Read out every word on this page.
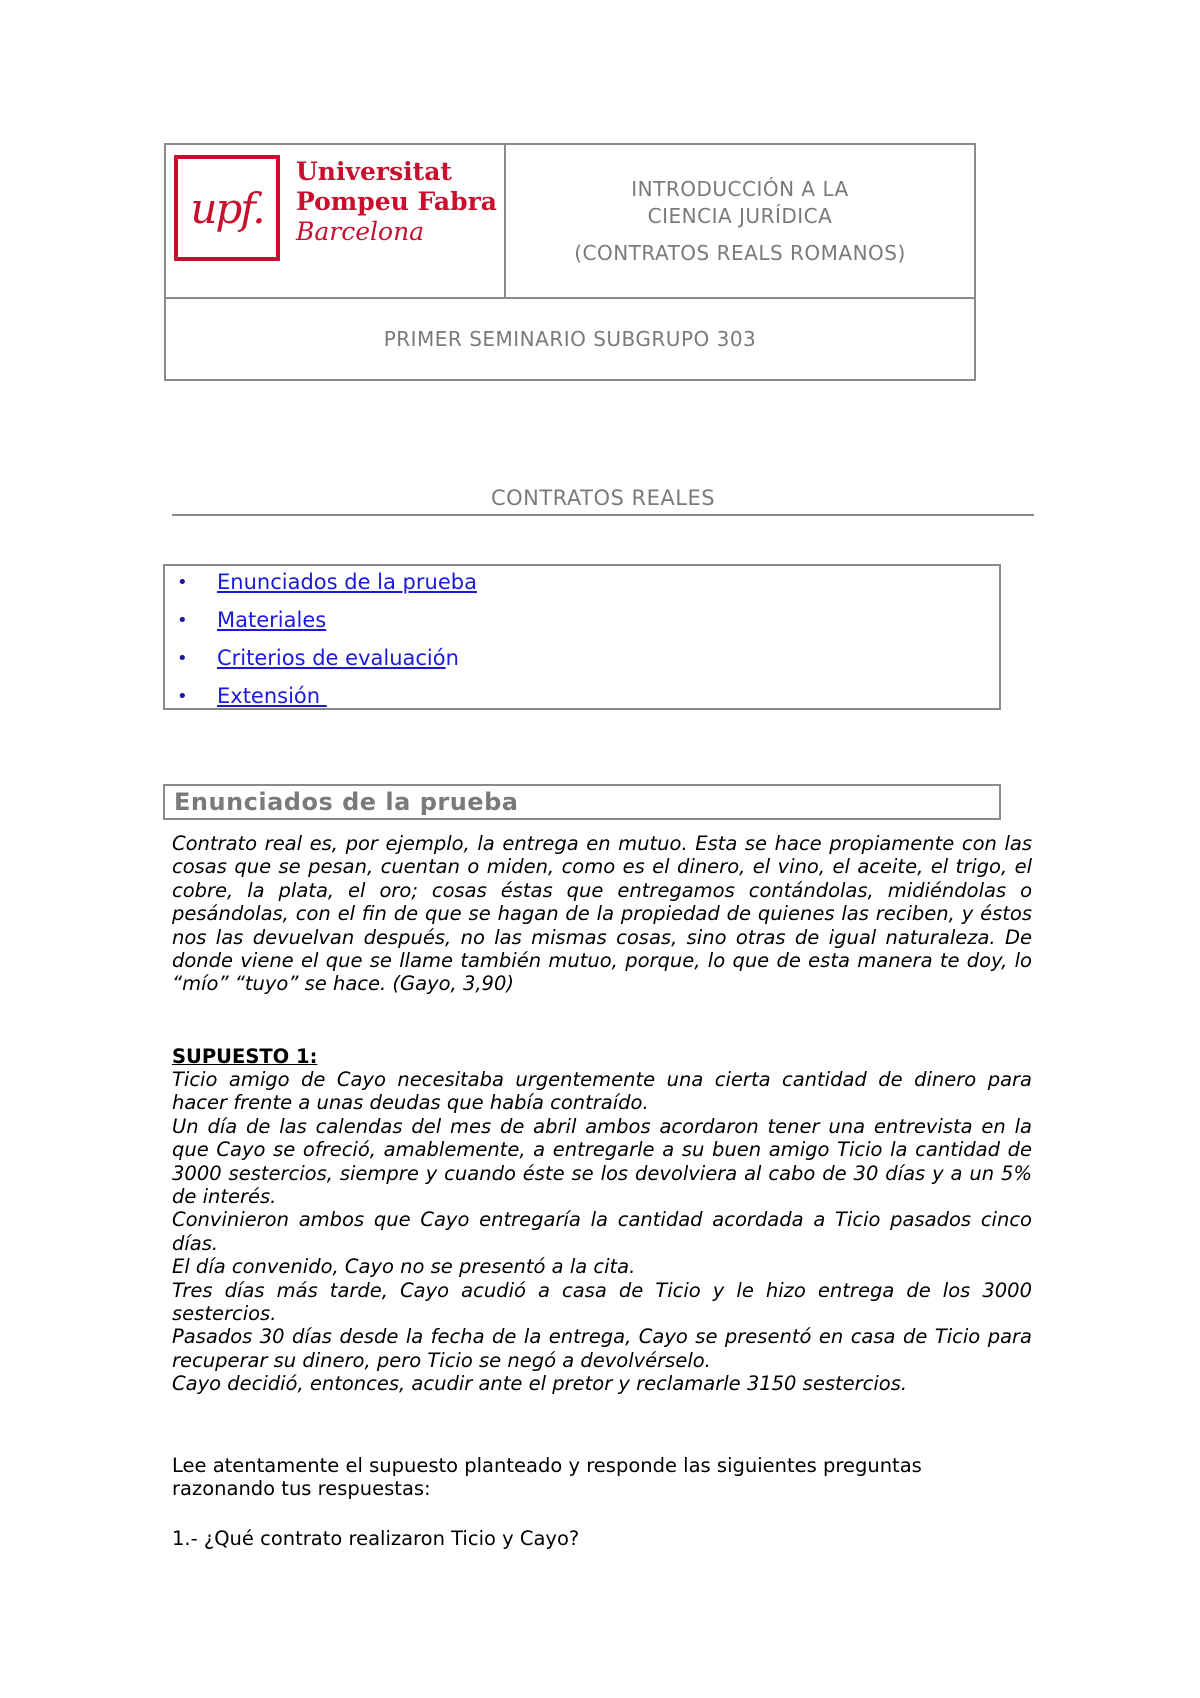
upf.
Universitat
Pompeu Fabra
Barcelona
INTRODUCCIÓN A LA CIENCIA JURÍDICA
(CONTRATOS REALS ROMANOS)
PRIMER SEMINARIO SUBGRUPO 303
CONTRATOS REALES
•	Enunciados de la prueba
•	Materiales
•	Criterios de evaluació n
•	Extensión
Enunciados de la prueba
Contrato real es, por ejemplo, la entrega en mutuo. Esta se hace propiamente con las cosas que se pesan, cuentan o miden, como es el dinero, el vino, el aceite, el trigo, el cobre, la plata, el oro; cosas éstas que entregamos contándolas, midiéndolas o pesándolas, con el fin de que se hagan de la propiedad de quienes las reciben, y éstos nos las devuelvan después, no las mismas cosas, sino otras de igual naturaleza. De donde viene el que se llame también mutuo, porque, lo que de esta manera te doy, lo “mío” “tuyo” se hace. (Gayo, 3,90)
SUPUESTO 1:

Ticio amigo de Cayo necesitaba urgentemente una cierta cantidad de dinero para hacer frente a unas deudas que había contraído.

Un día de las calendas del mes de abril ambos acordaron tener una entrevista en la que Cayo se ofreció, amablemente, a entregarle a su buen amigo Ticio la cantidad de 3000 sestercios, siempre y cuando éste se los devolviera al cabo de 30 días y a un 5% de interés.

Convinieron ambos que Cayo entregaría la cantidad acordada a Ticio pasados cinco días.

El día convenido, Cayo no se presentó a la cita.

Tres días más tarde, Cayo acudió a casa de Ticio y le hizo entrega de los 3000 sestercios.

Pasados 30 días desde la fecha de la entrega, Cayo se presentó en casa de Ticio para recuperar su dinero, pero Ticio se negó a devolvérselo.

Cayo decidió, entonces, acudir ante el pretor y reclamarle 3150 sestercios.

Lee atentamente el supuesto planteado y responde las siguientes preguntas razonando tus respuestas:
1.- ¿Qué contrato realizaron Ticio y Cayo?
